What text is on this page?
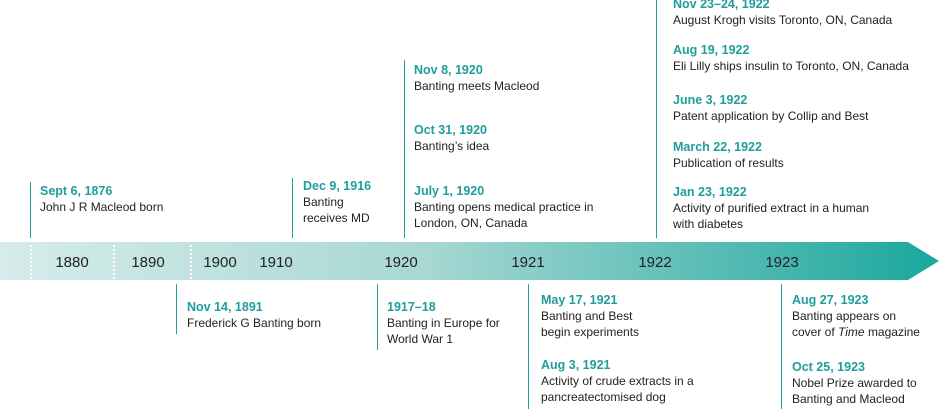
1880	1890	1900 1910	1920	1921	1922	1923
Sept 6, 1876
John J R Macleod born
Dec 9, 1916
Banting
receives MD
Nov 8, 1920
Banting meets Macleod
Oct 31, 1920
Banting’s idea
July 1, 1920
Banting opens medical practice in
London, ON, Canada
Nov 23–24, 1922
August Krogh visits Toronto, ON, Canada
Aug 19, 1922
Eli Lilly ships insulin to Toronto, ON, Canada
June 3, 1922
Patent application by Collip and Best
March 22, 1922
Publication of results
Jan 23, 1922
Activity of purified extract in a human
with diabetes
Nov 14, 1891
Frederick G Banting born
1917–18
Banting in Europe for
World War 1
May 17, 1921
Banting and Best
begin experiments
Aug 3, 1921
Activity of crude extracts in a
pancreatectomised dog
Aug 27, 1923
Banting appears on
cover of Time magazine
Oct 25, 1923
Nobel Prize awarded to
Banting and Macleod
